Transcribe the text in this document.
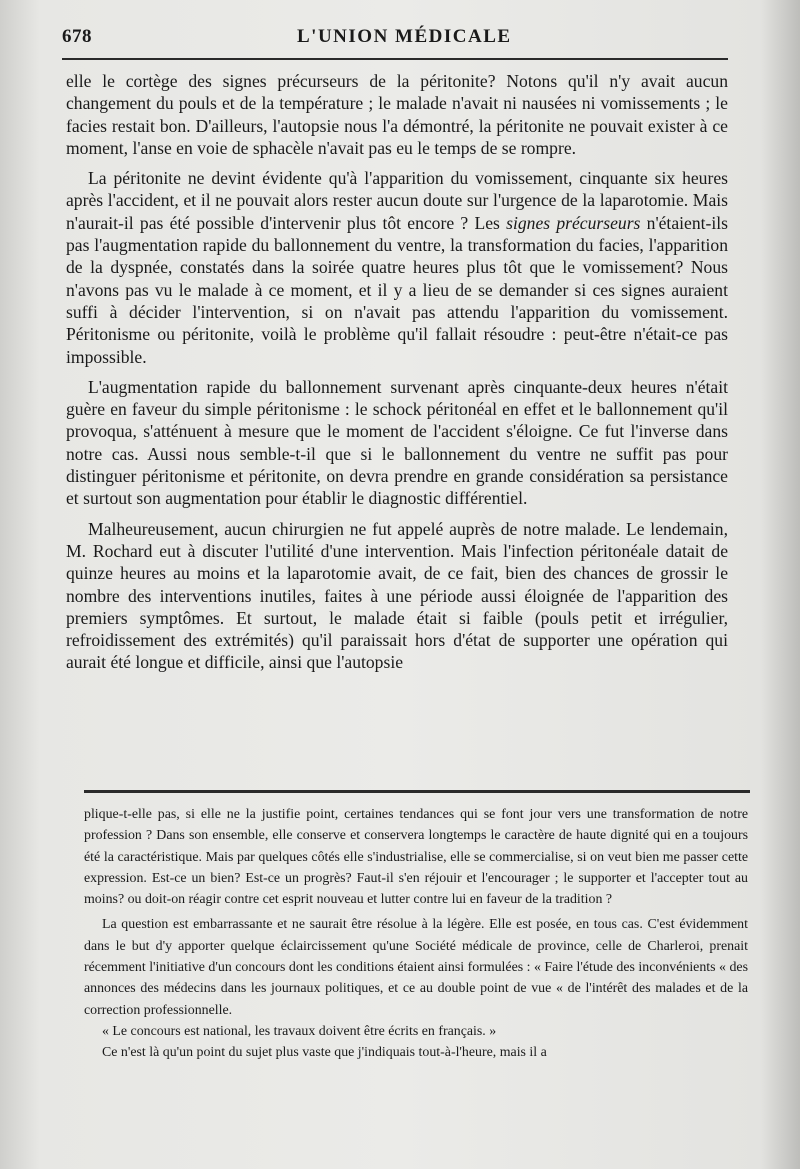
678	L'UNION MÉDICALE

elle le cortège des signes précurseurs de la péritonite? Notons qu'il n'y avait aucun changement du pouls et de la température ; le malade n'avait ni nausées ni vomissements ; le facies restait bon. D'ailleurs, l'autopsie nous l'a démontré, la péritonite ne pouvait exister à ce moment, l'anse en voie de sphacèle n'avait pas eu le temps de se rompre.

La péritonite ne devint évidente qu'à l'apparition du vomissement, cinquante six heures après l'accident, et il ne pouvait alors rester aucun doute sur l'urgence de la laparotomie. Mais n'aurait-il pas été possible d'intervenir plus tôt encore ? Les signes précurseurs n'étaient-ils pas l'augmentation rapide du ballonnement du ventre, la transformation du facies, l'apparition de la dyspnée, constatés dans la soirée quatre heures plus tôt que le vomissement? Nous n'avons pas vu le malade à ce moment, et il y a lieu de se demander si ces signes auraient suffi à décider l'intervention, si on n'avait pas attendu l'apparition du vomissement. Péritonisme ou péritonite, voilà le problème qu'il fallait résoudre : peut-être n'était-ce pas impossible.

L'augmentation rapide du ballonnement survenant après cinquante-deux heures n'était guère en faveur du simple péritonisme : le schock péritonéal en effet et le ballonnement qu'il provoqua, s'atténuent à mesure que le moment de l'accident s'éloigne. Ce fut l'inverse dans notre cas. Aussi nous semble-t-il que si le ballonnement du ventre ne suffit pas pour distinguer péritonisme et péritonite, on devra prendre en grande considération sa persistance et surtout son augmentation pour établir le diagnostic différentiel.

Malheureusement, aucun chirurgien ne fut appelé auprès de notre malade. Le lendemain, M. Rochard eut à discuter l'utilité d'une intervention. Mais l'infection péritonéale datait de quinze heures au moins et la laparotomie avait, de ce fait, bien des chances de grossir le nombre des interventions inutiles, faites à une période aussi éloignée de l'apparition des premiers symptômes. Et surtout, le malade était si faible (pouls petit et irrégulier, refroidissement des extrémités) qu'il paraissait hors d'état de supporter une opération qui aurait été longue et difficile, ainsi que l'autopsie

plique-t-elle pas, si elle ne la justifie point, certaines tendances qui se font jour vers une transformation de notre profession ? Dans son ensemble, elle conserve et conservera longtemps le caractère de haute dignité qui en a toujours été la caractéristique. Mais par quelques côtés elle s'industrialise, elle se commercialise, si on veut bien me passer cette expression. Est-ce un bien? Est-ce un progrès? Faut-il s'en réjouir et l'encourager ; le supporter et l'accepter tout au moins? ou doit-on réagir contre cet esprit nouveau et lutter contre lui en faveur de la tradition ?

La question est embarrassante et ne saurait être résolue à la légère. Elle est posée, en tous cas. C'est évidemment dans le but d'y apporter quelque éclaircissement qu'une Société médicale de province, celle de Charleroi, prenait récemment l'initiative d'un concours dont les conditions étaient ainsi formulées : « Faire l'étude des inconvénients « des annonces des médecins dans les journaux politiques, et ce au double point de vue « de l'intérêt des malades et de la correction professionnelle.

« Le concours est national, les travaux doivent être écrits en français. »

Ce n'est là qu'un point du sujet plus vaste que j'indiquais tout-à-l'heure, mais il a
